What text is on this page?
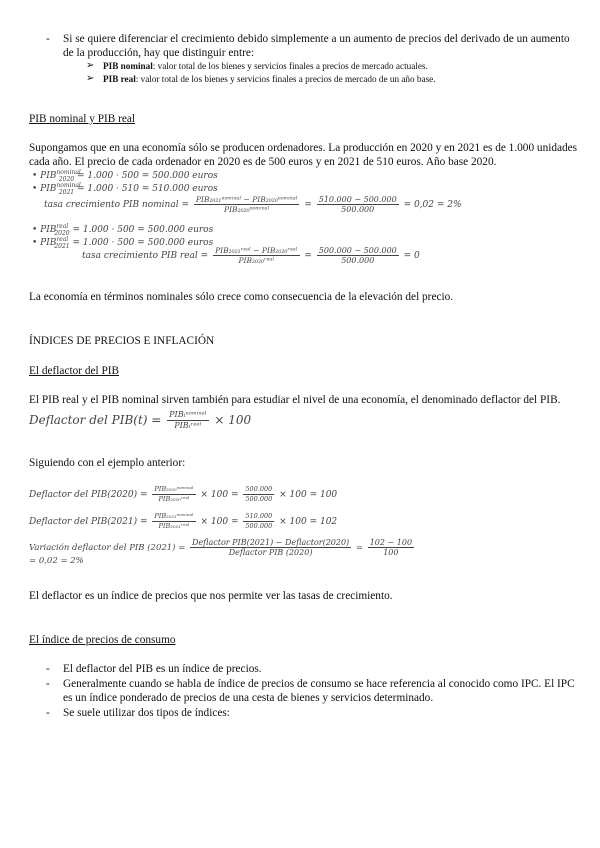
- Si se quiere diferenciar el crecimiento debido simplemente a un aumento de precios del derivado de un aumento
de la producción, hay que distinguir entre:
➢ PIB nominal: valor total de los bienes y servicios finales a precios de mercado actuales.
➢ PIB real: valor total de los bienes y servicios finales a precios de mercado de un año base.
PIB nominal y PIB real
Supongamos que en una economía sólo se producen ordenadores. La producción en 2020 y en 2021 es de 1.000 unidades
cada año. El precio de cada ordenador en 2020 es de 500 euros y en 2021 de 510 euros. Año base 2020.
• $PIB^{nominal}_{2020} = 1.000 \cdot 500 = 500.000$ euros
• $PIB^{nominal}_{2021} = 1.000 \cdot 510 = 510.000$ euros
tasa crecimiento PIB nominal = $\frac{\text{PIB₂₀₂₁ⁿᵒᵐⁱⁿᵃˡ − PIB₂₀₂₀ⁿᵒᵐⁱⁿᵃˡ}}{\text{PIB₂₀₂₀ⁿᵒᵐⁱⁿᵃˡ}} = \frac{510.000 - 500.000}{500.000} = 0,02 = 2\%$
• $PIB^{real}_{2020} = 1.000 \cdot 500 = 500.000$ euros
• $PIB^{real}_{2021} = 1.000 \cdot 500 = 500.000$ euros
tasa crecimiento PIB real = $\frac{\text{PIB₂₀₂₁ʳᵉᵃˡ − PIB₂₀₂₀ʳᵉᵃˡ}}{\text{PIB₂₀₂₀ʳᵉᵃˡ}} = \frac{500.000 - 500.000}{500.000} = 0$
La economía en términos nominales sólo crece como consecuencia de la elevación del precio.
ÍNDICES DE PRECIOS E INFLACIÓN
El deflactor del PIB
El PIB real y el PIB nominal sirven también para estudiar el nivel de una economía, el denominado deflactor del PIB.
Deflactor del $PIB(t) = \frac{\text{PIBₜⁿᵒᵐⁱⁿᵃˡ}}{\text{PIBₜʳᵉᵃˡ}} \times 100$
Siguiendo con el ejemplo anterior:
Deflactor del $PIB(2020) = \frac{\text{PIB₂₀₂₀ⁿᵒᵐⁱⁿᵃˡ}}{\text{PIB₂₀₂₀ʳᵉᵃˡ}} \times 100 = \frac{500.000}{500.000} \times 100 = 100$
Deflactor del $PIB(2021) = \frac{\text{PIB₂₀₂₁ⁿᵒᵐⁱⁿᵃˡ}}{\text{PIB₂₀₂₁ʳᵉᵃˡ}} \times 100 = \frac{510.000}{500.000} \times 100 = 102$
Variación deflactor del PIB $(2021) = \frac{\text{Deflactor PIB(2021) − Deflactor(2020)}}{\text{Deflactor PIB (2020)}} = \frac{102 - 100}{100}$
= 0,02 = 2%
El deflactor es un índice de precios que nos permite ver las tasas de crecimiento.
El índice de precios de consumo
- El deflactor del PIB es un índice de precios.
- Generalmente cuando se habla de índice de precios de consumo se hace referencia al conocido como IPC. El IPC
es un índice ponderado de precios de una cesta de bienes y servicios determinado.
- Se suele utilizar dos tipos de índices:
